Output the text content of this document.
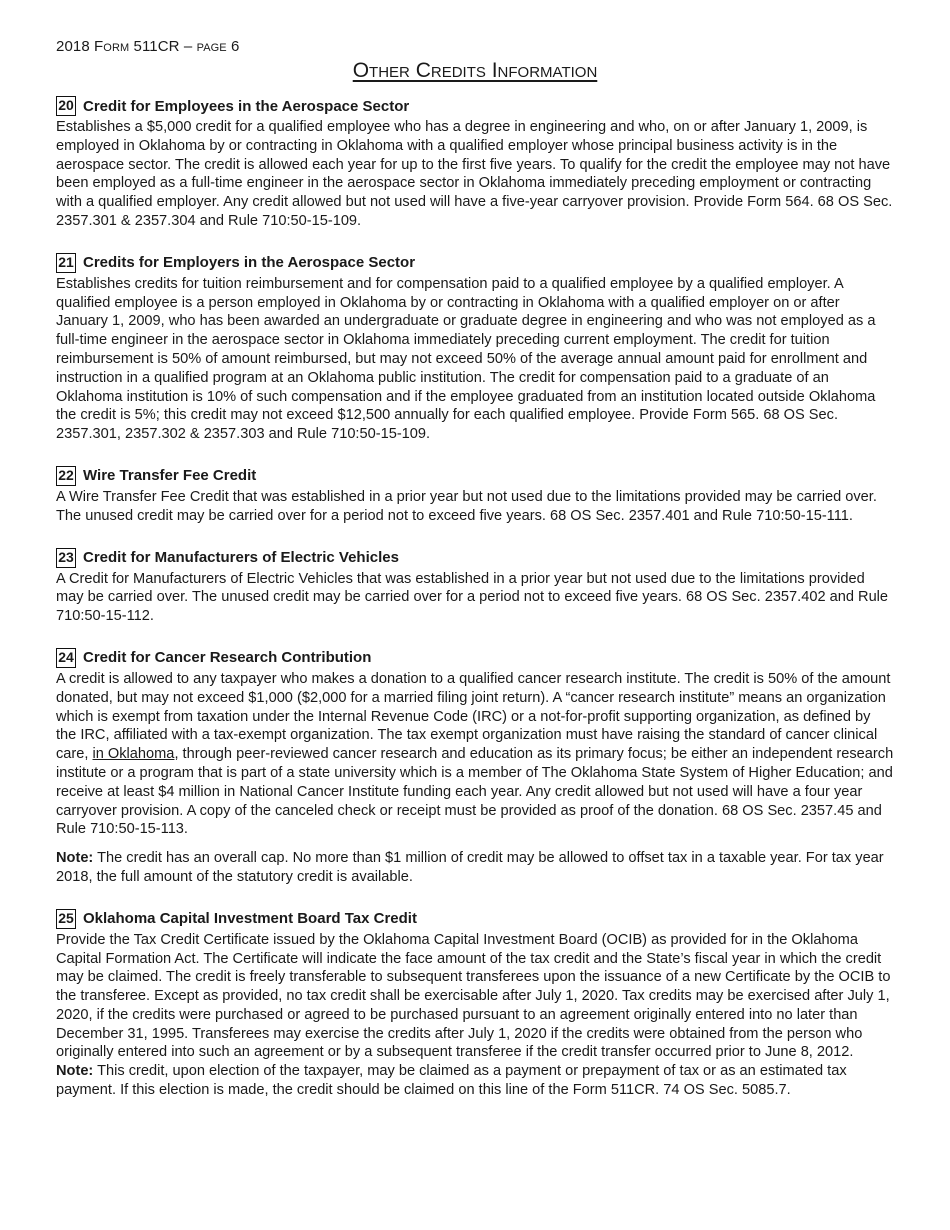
2018 Form 511CR – page 6
Other Credits Information
20 Credit for Employees in the Aerospace Sector

Establishes a $5,000 credit for a qualified employee who has a degree in engineering and who, on or after January 1, 2009, is employed in Oklahoma by or contracting in Oklahoma with a qualified employer whose principal business activity is in the aerospace sector. The credit is allowed each year for up to the first five years. To qualify for the credit the employee may not have been employed as a full-time engineer in the aerospace sector in Oklahoma immediately preceding employment or contracting with a qualified employer. Any credit allowed but not used will have a five-year carryover provision. Provide Form 564. 68 OS Sec. 2357.301 & 2357.304 and Rule 710:50-15-109.

21 Credits for Employers in the Aerospace Sector

Establishes credits for tuition reimbursement and for compensation paid to a qualified employee by a qualified employer. A qualified employee is a person employed in Oklahoma by or contracting in Oklahoma with a qualified employer on or after January 1, 2009, who has been awarded an undergraduate or graduate degree in engineering and who was not employed as a full-time engineer in the aerospace sector in Oklahoma immediately preceding current employment. The credit for tuition reimbursement is 50% of amount reimbursed, but may not exceed 50% of the average annual amount paid for enrollment and instruction in a qualified program at an Oklahoma public institution. The credit for compensation paid to a graduate of an Oklahoma institution is 10% of such compensation and if the employee graduated from an institution located outside Oklahoma the credit is 5%; this credit may not exceed $12,500 annually for each qualified employee. Provide Form 565. 68 OS Sec. 2357.301, 2357.302 & 2357.303 and Rule 710:50-15-109.

22 Wire Transfer Fee Credit

A Wire Transfer Fee Credit that was established in a prior year but not used due to the limitations provided may be carried over. The unused credit may be carried over for a period not to exceed five years. 68 OS Sec. 2357.401 and Rule 710:50-15-111.

23 Credit for Manufacturers of Electric Vehicles

A Credit for Manufacturers of Electric Vehicles that was established in a prior year but not used due to the limitations provided may be carried over. The unused credit may be carried over for a period not to exceed five years. 68 OS Sec. 2357.402 and Rule 710:50-15-112.

24 Credit for Cancer Research Contribution

A credit is allowed to any taxpayer who makes a donation to a qualified cancer research institute. The credit is 50% of the amount donated, but may not exceed $1,000 ($2,000 for a married filing joint return). A “cancer research institute” means an organization which is exempt from taxation under the Internal Revenue Code (IRC) or a not-for-profit supporting organization, as defined by the IRC, affiliated with a tax-exempt organization. The tax exempt organization must have raising the standard of cancer clinical care, in Oklahoma, through peer-reviewed cancer research and education as its primary focus; be either an independent research institute or a program that is part of a state university which is a member of The Oklahoma State System of Higher Education; and receive at least $4 million in National Cancer Institute funding each year. Any credit allowed but not used will have a four year carryover provision. A copy of the canceled check or receipt must be provided as proof of the donation. 68 OS Sec. 2357.45 and Rule 710:50-15-113.

Note: The credit has an overall cap. No more than $1 million of credit may be allowed to offset tax in a taxable year. For tax year 2018, the full amount of the statutory credit is available.

25 Oklahoma Capital Investment Board Tax Credit

Provide the Tax Credit Certificate issued by the Oklahoma Capital Investment Board (OCIB) as provided for in the Oklahoma Capital Formation Act. The Certificate will indicate the face amount of the tax credit and the State’s fiscal year in which the credit may be claimed. The credit is freely transferable to subsequent transferees upon the issuance of a new Certificate by the OCIB to the transferee. Except as provided, no tax credit shall be exercisable after July 1, 2020. Tax credits may be exercised after July 1, 2020, if the credits were purchased or agreed to be purchased pursuant to an agreement originally entered into no later than December 31, 1995. Transferees may exercise the credits after July 1, 2020 if the credits were obtained from the person who originally entered into such an agreement or by a subsequent transferee if the credit transfer occurred prior to June 8, 2012. Note: This credit, upon election of the taxpayer, may be claimed as a payment or prepayment of tax or as an estimated tax payment. If this election is made, the credit should be claimed on this line of the Form 511CR. 74 OS Sec. 5085.7.
